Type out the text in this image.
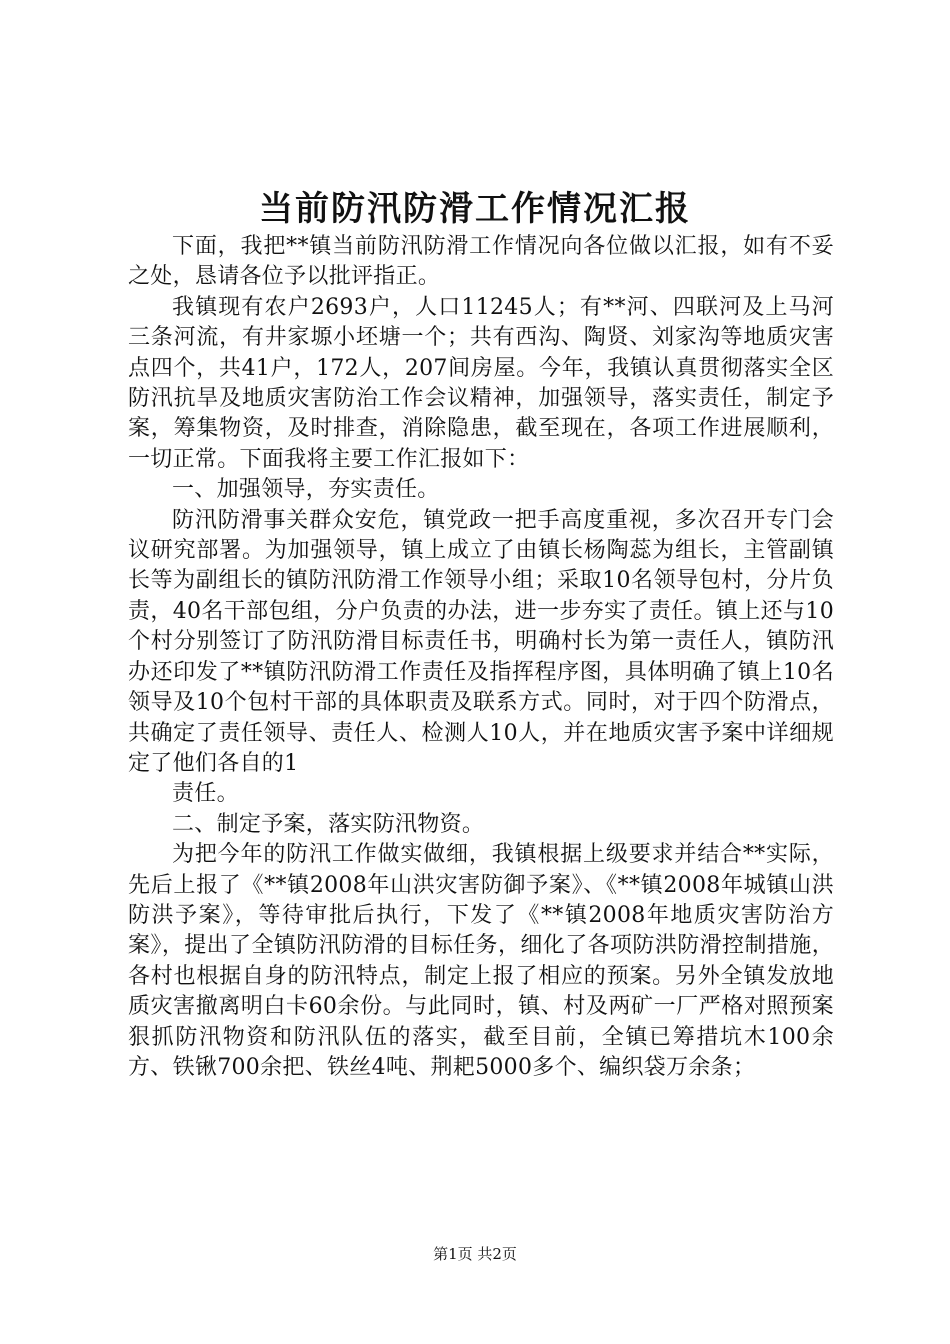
当前防汛防滑工作情况汇报

下面，我把**镇当前防汛防滑工作情况向各位做以汇报，如有不妥之处，恳请各位予以批评指正。

我镇现有农户2693户，人口11245人；有**河、四联河及上马河三条河流，有井家塬小坯塘一个；共有西沟、陶贤、刘家沟等地质灾害点四个，共41户，172人，207间房屋。今年，我镇认真贯彻落实全区防汛抗旱及地质灾害防治工作会议精神，加强领导，落实责任，制定予案，筹集物资，及时排查，消除隐患，截至现在，各项工作进展顺利，一切正常。下面我将主要工作汇报如下：

一、加强领导，夯实责任。

防汛防滑事关群众安危，镇党政一把手高度重视，多次召开专门会议研究部署。为加强领导，镇上成立了由镇长杨陶蕊为组长，主管副镇长等为副组长的镇防汛防滑工作领导小组；采取10名领导包村，分片负责，40名干部包组，分户负责的办法，进一步夯实了责任。镇上还与10个村分别签订了防汛防滑目标责任书，明确村长为第一责任人，镇防汛办还印发了**镇防汛防滑工作责任及指挥程序图，具体明确了镇上10名领导及10个包村干部的具体职责及联系方式。同时，对于四个防滑点，共确定了责任领导、责任人、检测人10人，并在地质灾害予案中详细规定了他们各自的1

责任。

二、制定予案，落实防汛物资。

为把今年的防汛工作做实做细，我镇根据上级要求并结合**实际，先后上报了《**镇2008年山洪灾害防御予案》、《**镇2008年城镇山洪防洪予案》，等待审批后执行，下发了《**镇2008年地质灾害防治方案》，提出了全镇防汛防滑的目标任务，细化了各项防洪防滑控制措施，各村也根据自身的防汛特点，制定上报了相应的预案。另外全镇发放地质灾害撤离明白卡60余份。与此同时，镇、村及两矿一厂严格对照预案狠抓防汛物资和防汛队伍的落实，截至目前，全镇已筹措坑木100余方、铁锹700余把、铁丝4吨、荆耙5000多个、编织袋万余条；

第1页 共2页
